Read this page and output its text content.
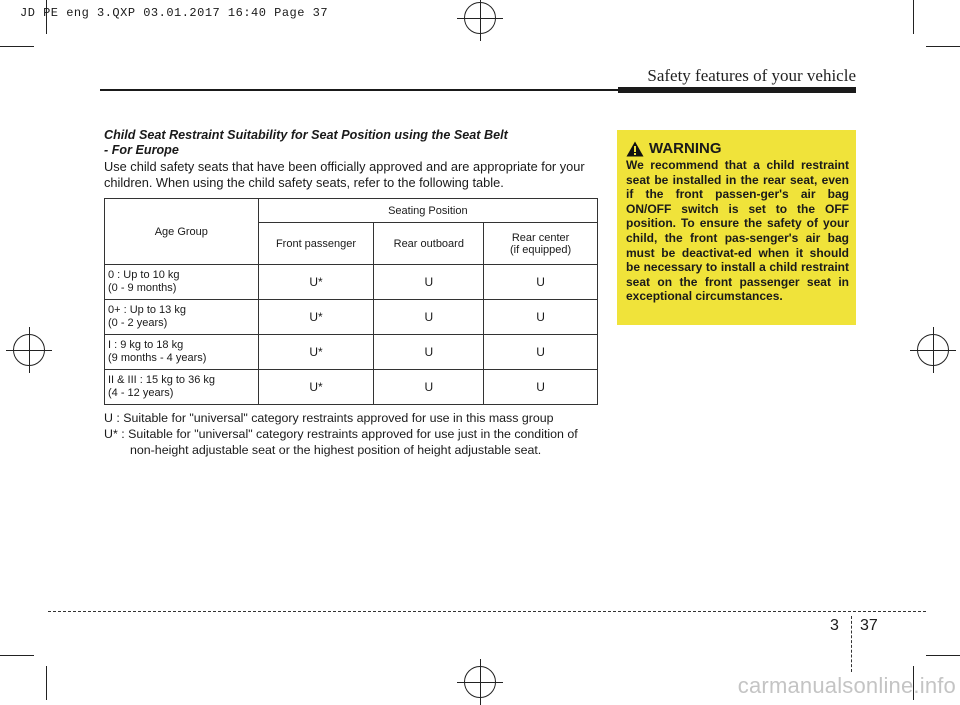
JD PE eng 3.QXP 03.01.2017 16:40 Page 37
Safety features of your vehicle
Child Seat Restraint Suitability for Seat Position using the Seat Belt
- For Europe
Use child safety seats that have been officially approved and are appropriate for your children. When using the child safety seats, refer to the following table.
Age Group	Seating Position		
	Front passenger	Rear outboard	Rear center
(if equipped)

0 : Up to 10 kg
(0 - 9 months)	U*	U	U

0+ : Up to 13 kg
(0 - 2 years)	U*	U	U

I : 9 kg to 18 kg
(9 months - 4 years)	U*	U	U

II & III : 15 kg to 36 kg
(4 - 12 years)	U*	U	U
U : Suitable for "universal" category restraints approved for use in this mass group
U* : Suitable for "universal" category restraints approved for use just in the condition of non-height adjustable seat or the highest position of height adjustable seat.
WARNING
We recommend that a child restraint seat be installed in the rear seat, even if the front passen-ger's air bag ON/OFF switch is set to the OFF position. To ensure the safety of your child, the front pas-senger's air bag must be deactivat-ed when it should be necessary to install a child restraint seat on the front passenger seat in exceptional circumstances.
3 37
carmanualsonline.info
